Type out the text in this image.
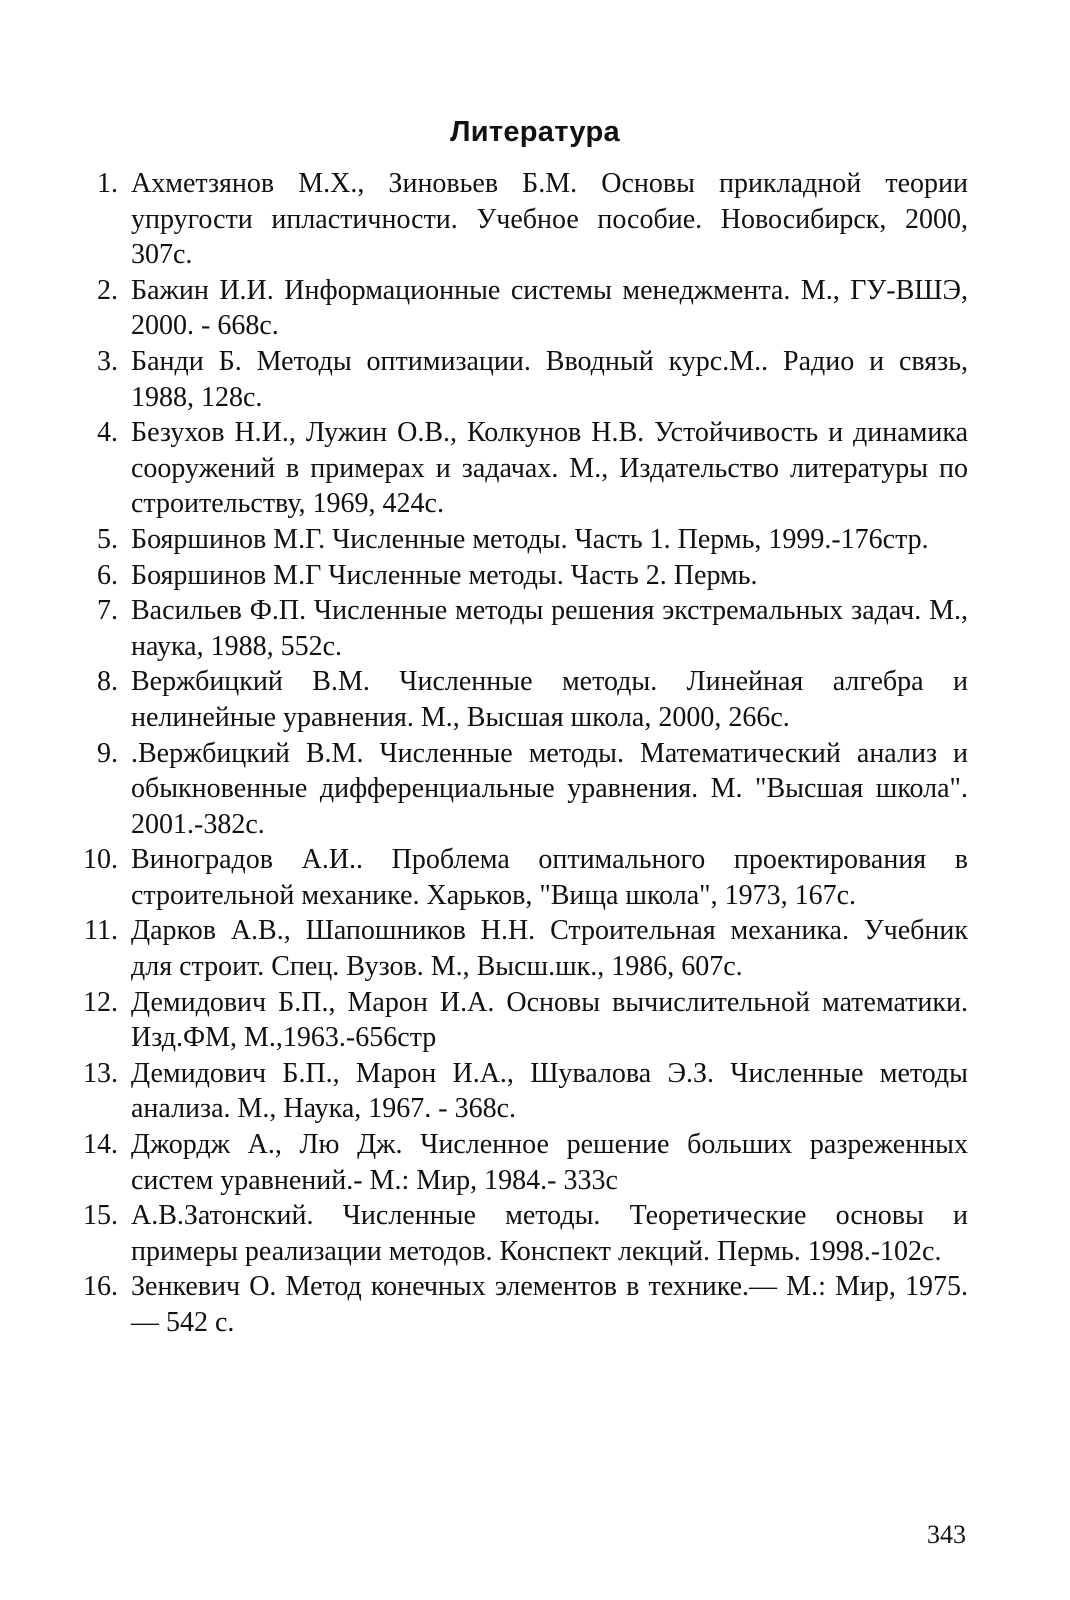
Литература
1. Ахметзянов М.Х., Зиновьев Б.М. Основы прикладной теории упругости ипластичности. Учебное пособие. Новосибирск, 2000, 307с.
2. Бажин И.И. Информационные системы менеджмента. М., ГУ-ВШЭ, 2000. - 668с.
3. Банди Б. Методы оптимизации. Вводный курс.М.. Радио и связь, 1988, 128с.
4. Безухов Н.И., Лужин О.В., Колкунов Н.В. Устойчивость и динамика сооружений в примерах и задачах. М., Издательство литературы по строительству, 1969, 424с.
5. Бояршинов М.Г. Численные методы. Часть 1. Пермь, 1999.-176стр.
6. Бояршинов М.Г Численные методы. Часть 2. Пермь.
7. Васильев Ф.П. Численные методы решения экстремальных задач. М., наука, 1988, 552с.
8. Вержбицкий В.М. Численные методы. Линейная алгебра и нелинейные уравнения. М., Высшая школа, 2000, 266с.
9. .Вержбицкий В.М. Численные методы. Математический анализ и обыкновенные дифференциальные уравнения. М. "Высшая школа". 2001.-382с.
10. Виноградов А.И.. Проблема оптимального проектирования в строительной механике. Харьков, "Вища школа", 1973, 167с.
11. Дарков А.В., Шапошников Н.Н. Строительная механика. Учебник для строит. Спец. Вузов. М., Высш.шк., 1986, 607с.
12. Демидович Б.П., Марон И.А. Основы вычислительной математики. Изд.ФМ, М.,1963.-656стр
13. Демидович Б.П., Марон И.А., Шувалова Э.З. Численные методы анализа. М., Наука, 1967. - 368с.
14. Джордж А., Лю Дж. Численное решение больших разреженных систем уравнений.- М.: Мир, 1984.- 333с
15. А.В.Затонский. Численные методы. Теоретические основы и примеры реализации методов. Конспект лекций. Пермь. 1998.-102с.
16. Зенкевич О. Метод конечных элементов в технике.— М.: Мир, 1975.— 542 с.
343
